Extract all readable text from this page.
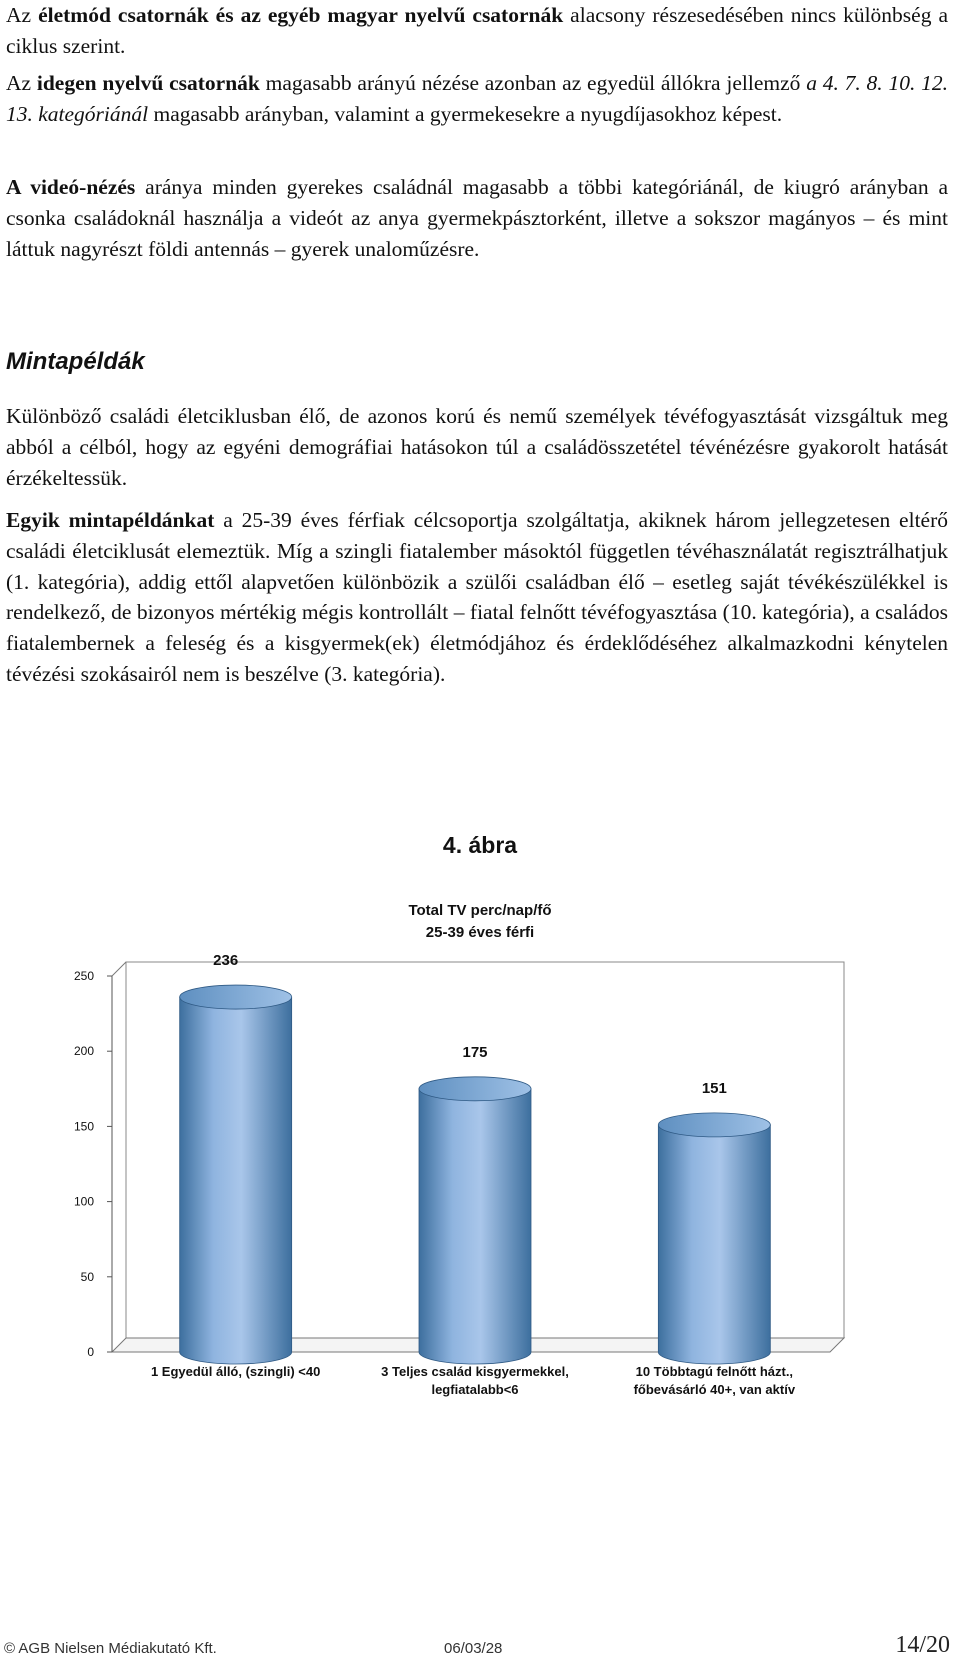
Az életmód csatornák és az egyéb magyar nyelvű csatornák alacsony részesedésében nincs különbség a ciklus szerint.

Az idegen nyelvű csatornák magasabb arányú nézése azonban az egyedül állókra jellemző a 4. 7. 8. 10. 12. 13. kategóriánál magasabb arányban, valamint a gyermekesekre a nyugdíjasokhoz képest.

A videó-nézés aránya minden gyerekes családnál magasabb a többi kategóriánál, de kiugró arányban a csonka családoknál használja a videót az anya gyermekpásztorként, illetve a sokszor magányos – és mint láttuk nagyrészt földi antennás – gyerek unaloműzésre.

Mintapéldák

Különböző családi életciklusban élő, de azonos korú és nemű személyek tévéfogyasztását vizsgáltuk meg abból a célból, hogy az egyéni demográfiai hatásokon túl a családösszetétel tévénézésre gyakorolt hatását érzékeltessük.

Egyik mintapéldánkat a 25-39 éves férfiak célcsoportja szolgáltatja, akiknek három jellegzetesen eltérő családi életciklusát elemeztük. Míg a szingli fiatalember másoktól független tévéhasználatát regisztrálhatjuk (1. kategória), addig ettől alapvetően különbözik a szülői családban élő – esetleg saját tévékészülékkel is rendelkező, de bizonyos mértékig mégis kontrollált – fiatal felnőtt tévéfogyasztása (10. kategória), a családos fiatalembernek a feleség és a kisgyermek(ek) életmódjához és érdeklődéséhez alkalmazkodni kénytelen tévézési szokásairól nem is beszélve (3. kategória).

4. ábra
Total TV perc/nap/fő
25-39 éves férfi
0
50
100
150
200
250
236
1 Egyedül álló, (szingli) <40
175
3 Teljes család kisgyermekkel,
legfiatalabb<6
151
10 Többtagú felnőtt házt.,
főbevásárló 40+, van aktív
© AGB Nielsen Médiakutató Kft.	06/03/28	14/20
